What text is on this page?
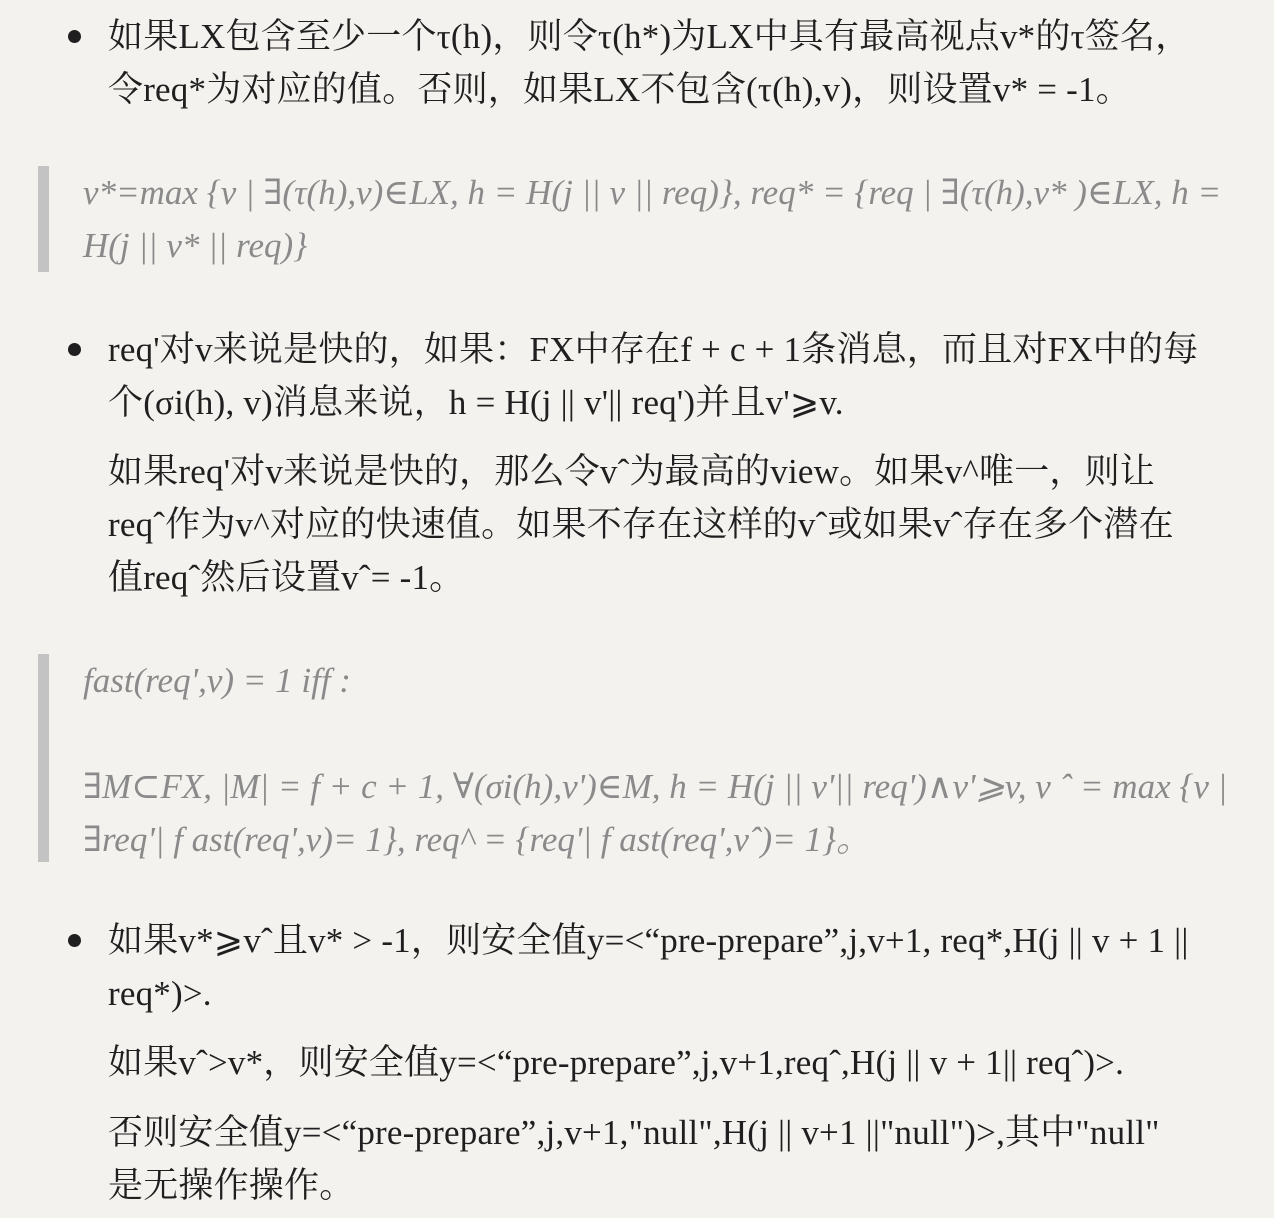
如果LX包含至少一个τ(h)，则令τ(h*)为LX中具有最高视点v*的τ签名，
令req*为对应的值。否则，如果LX不包含(τ(h),v)，则设置v* = -1。
v*=max {v | ∃(τ(h),v)∈LX, h = H(j || v || req)}, req* = {req | ∃(τ(h),v* )∈LX, h =
H(j || v* || req)}
req'对v来说是快的，如果：FX中存在f + c + 1条消息，而且对FX中的每
个(σi(h), v)消息来说，h = H(j || v'|| req')并且v'⩾v.
如果req'对v来说是快的，那么令vˆ为最高的view。如果v^唯一，则让
reqˆ作为v^对应的快速值。如果不存在这样的vˆ或如果vˆ存在多个潜在
值reqˆ然后设置vˆ= -1。
fast(req',v) = 1 iff :

∃M⊂FX, |M| = f + c + 1, ∀(σi(h),v')∈M, h = H(j || v'|| req')∧v'⩾v, v ˆ = max {v |
∃req'| f ast(req',v)= 1}, req^ = {req'| f ast(req',vˆ)= 1}。
如果v*⩾vˆ且v* > -1，则安全值y=<“pre-prepare”,j,v+1, req*,H(j || v + 1 ||
req*)>.
如果vˆ>v*，则安全值y=<“pre-prepare”,j,v+1,reqˆ,H(j || v + 1|| reqˆ)>.
否则安全值y=<“pre-prepare”,j,v+1,"null",H(j || v+1 ||"null")>,其中"null"
是无操作操作。
